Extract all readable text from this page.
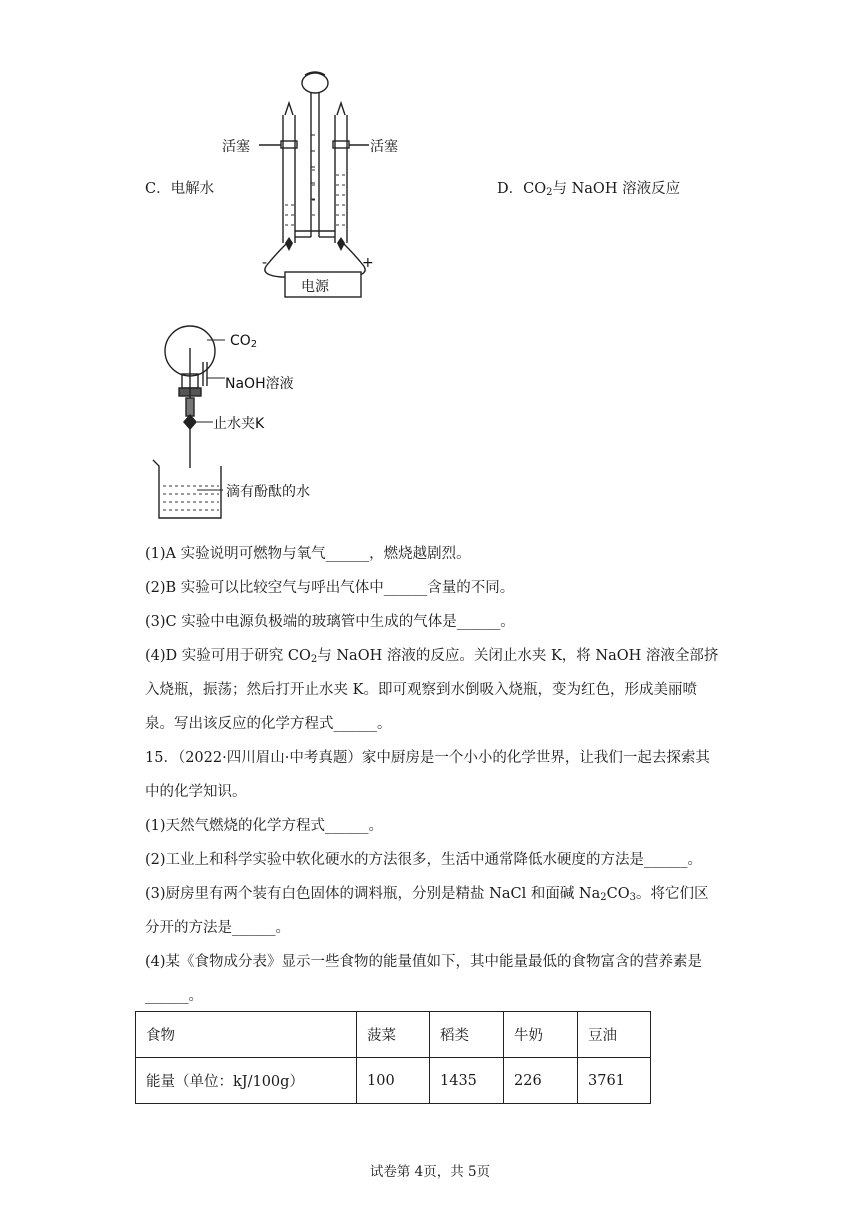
C．电解水	D．$CO_2$与 NaOH 溶液反应
活塞	活塞
电源
-	+
$CO_2$
NaOH溶液
止水夹K
滴有酚酞的水
(1)A 实验说明可燃物与氧气______，燃烧越剧烈。
(2)B 实验可以比较空气与呼出气体中______含量的不同。
(3)C 实验中电源负极端的玻璃管中生成的气体是______。
(4)D 实验可用于研究 $CO_2$与 NaOH 溶液的反应。关闭止水夹 K，将 NaOH 溶液全部挤
入烧瓶，振荡；然后打开止水夹 K。即可观察到水倒吸入烧瓶，变为红色，形成美丽喷
泉。写出该反应的化学方程式______。
15．（2022·四川眉山·中考真题）家中厨房是一个小小的化学世界，让我们一起去探索其
中的化学知识。
(1)天然气燃烧的化学方程式______。
(2)工业上和科学实验中软化硬水的方法很多，生活中通常降低水硬度的方法是______。
(3)厨房里有两个装有白色固体的调料瓶，分别是精盐 NaCl 和面碱 $Na_2CO_3$。将它们区
分开的方法是______。
(4)某《食物成分表》显示一些食物的能量值如下，其中能量最低的食物富含的营养素是
______。
食物	菠菜	稻类	牛奶	豆油
能量（单位：kJ/100g）	100	1435	226	3761
试卷第 4页，共 5页
